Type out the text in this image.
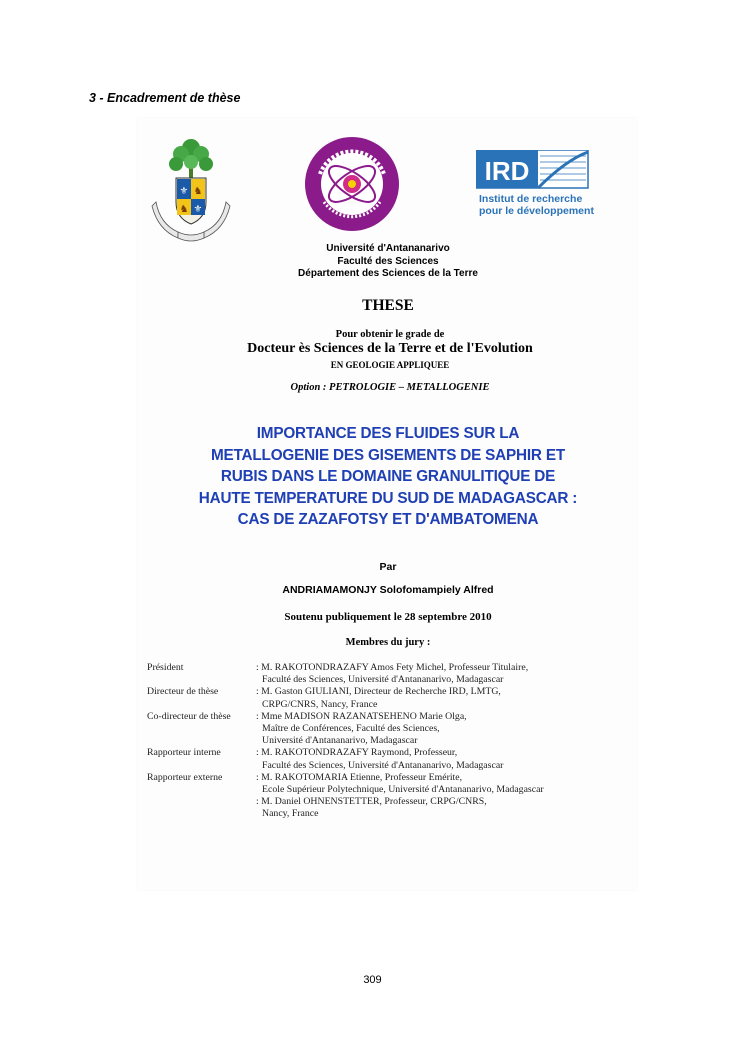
3 - Encadrement de thèse
⚜ ♞
♞ ⚜
IRD
Institut de recherche
pour le développement
Université d'Antananarivo
Faculté des Sciences
Département des Sciences de la Terre
THESE
Pour obtenir le grade de
Docteur ès Sciences de la Terre et de l'Evolution
EN GEOLOGIE APPLIQUEE
Option : PETROLOGIE – METALLOGENIE
IMPORTANCE DES FLUIDES SUR LA
METALLOGENIE DES GISEMENTS DE SAPHIR ET
RUBIS DANS LE DOMAINE GRANULITIQUE DE
HAUTE TEMPERATURE DU SUD DE MADAGASCAR :
CAS DE ZAZAFOTSY ET D'AMBATOMENA
Par
ANDRIAMAMONJY Solofomampiely Alfred
Soutenu publiquement le 28 septembre 2010
Membres du jury :
Président	: M. RAKOTONDRAZAFY Amos Fety Michel, Professeur Titulaire,
Faculté des Sciences, Université d'Antananarivo, Madagascar
Directeur de thèse	: M. Gaston GIULIANI, Directeur de Recherche IRD, LMTG,
CRPG/CNRS, Nancy, France
Co-directeur de thèse	: Mme MADISON RAZANATSEHENO Marie Olga,
Maître de Conférences, Faculté des Sciences,
Université d'Antananarivo, Madagascar
Rapporteur interne	: M. RAKOTONDRAZAFY Raymond, Professeur,
Faculté des Sciences, Université d'Antananarivo, Madagascar
Rapporteur externe	: M. RAKOTOMARIA Etienne, Professeur Emérite,
Ecole Supérieur Polytechnique, Université d'Antananarivo, Madagascar
: M. Daniel OHNENSTETTER, Professeur, CRPG/CNRS,
Nancy, France
309
